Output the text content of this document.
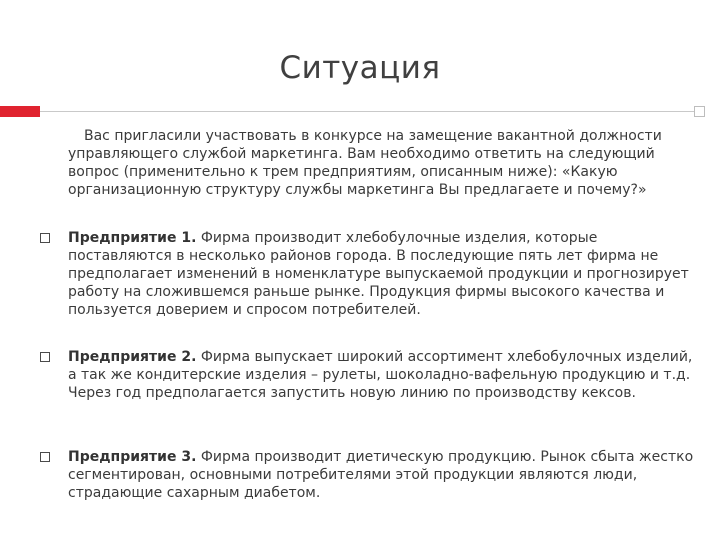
Ситуация
Вас пригласили участвовать в конкурсе на замещение вакантной должности управляющего службой маркетинга. Вам необходимо ответить на следующий вопрос (применительно к трем предприятиям, описанным ниже): «Какую организационную структуру службы маркетинга Вы предлагаете и почему?»
Предприятие 1. Фирма производит хлебобулочные изделия, которые поставляются в несколько районов города. В последующие пять лет фирма не предполагает изменений в номенклатуре выпускаемой продукции и прогнозирует работу на сложившемся раньше рынке. Продукция фирмы высокого качества и пользуется доверием и спросом потребителей.
Предприятие 2. Фирма выпускает широкий ассортимент хлебобулочных изделий, а так же кондитерские изделия – рулеты, шоколадно-вафельную продукцию и т.д. Через год предполагается запустить новую линию по производству кексов.
Предприятие 3. Фирма производит диетическую продукцию. Рынок сбыта жестко сегментирован, основными потребителями этой продукции являются люди, страдающие сахарным диабетом.
